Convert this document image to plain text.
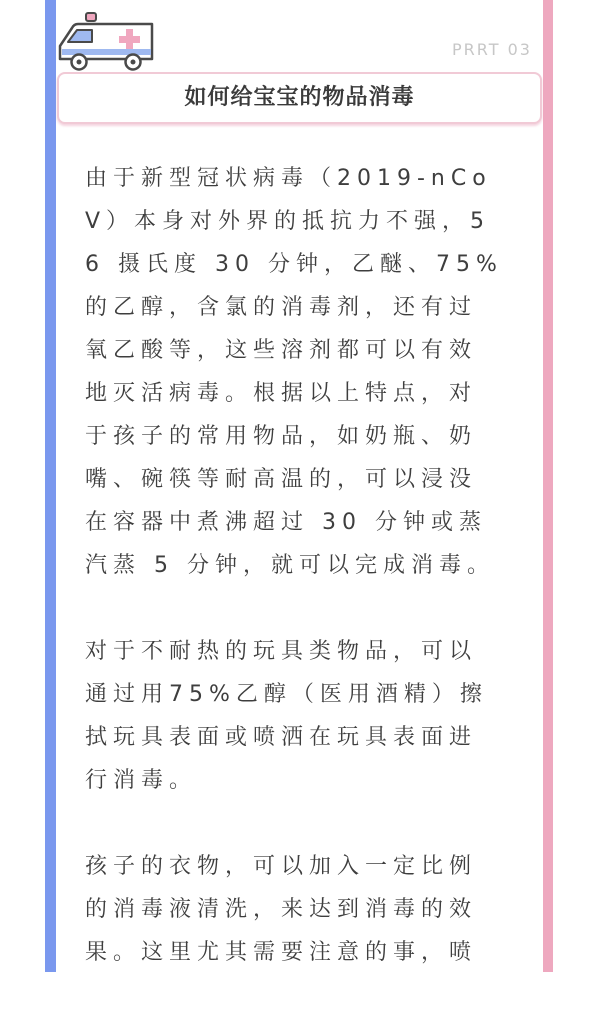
PRRT 03
如何给宝宝的物品消毒
由于新型冠状病毒（2019-nCo
V）本身对外界的抵抗力不强，5
6 摄氏度 30 分钟，乙醚、75%
的乙醇，含氯的消毒剂，还有过
氧乙酸等，这些溶剂都可以有效
地灭活病毒。根据以上特点，对
于孩子的常用物品，如奶瓶、奶
嘴、碗筷等耐高温的，可以浸没
在容器中煮沸超过 30 分钟或蒸
汽蒸 5 分钟，就可以完成消毒。
对于不耐热的玩具类物品，可以
通过用75%乙醇（医用酒精）擦
拭玩具表面或喷洒在玩具表面进
行消毒。
孩子的衣物，可以加入一定比例
的消毒液清洗，来达到消毒的效
果。这里尤其需要注意的事，喷
